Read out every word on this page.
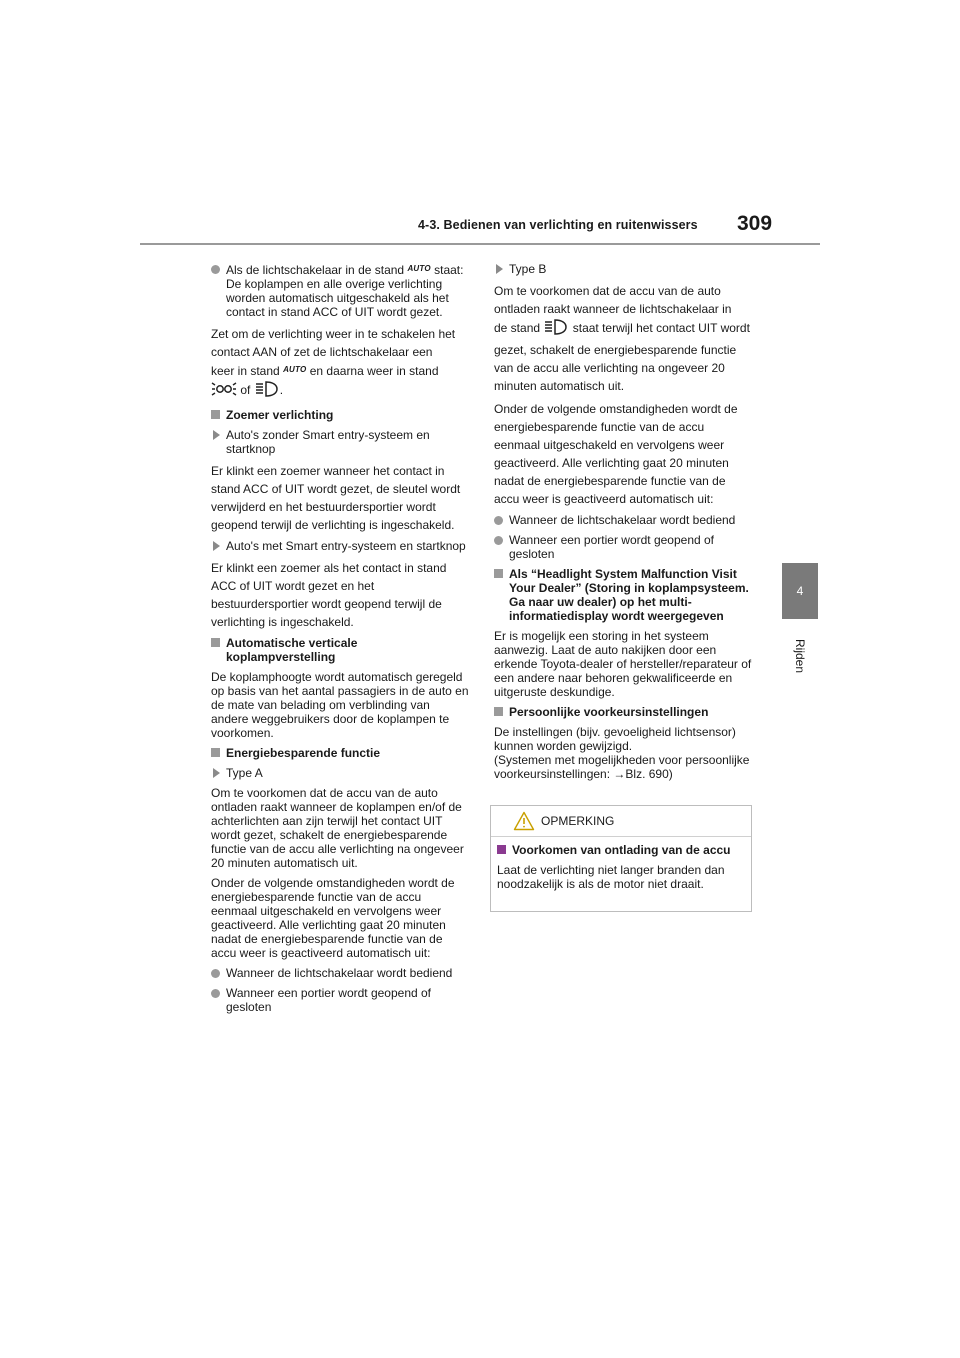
4-3. Bedienen van verlichting en ruitenwissers 309
4
Rijden
Als de lichtschakelaar in de stand AUTO staat: De koplampen en alle overige verlichting worden automatisch uitgeschakeld als het contact in stand ACC of UIT wordt gezet.
Zet om de verlichting weer in te schakelen het contact AAN of zet de lichtschakelaar een
keer in stand AUTO en daarna weer in stand
of .
Zoemer verlichting
Auto's zonder Smart entry-systeem en startknop
Er klinkt een zoemer wanneer het contact in stand ACC of UIT wordt gezet, de sleutel wordt verwijderd en het bestuurdersportier wordt geopend terwijl de verlichting is ingeschakeld.
Auto's met Smart entry-systeem en startknop
Er klinkt een zoemer als het contact in stand ACC of UIT wordt gezet en het bestuurdersportier wordt geopend terwijl de verlichting is ingeschakeld.
Automatische verticale koplampverstelling
De koplamphoogte wordt automatisch geregeld op basis van het aantal passagiers in de auto en de mate van belading om verblinding van andere weggebruikers door de koplampen te voorkomen.
Energiebesparende functie
Type A
Om te voorkomen dat de accu van de auto ontladen raakt wanneer de koplampen en/of de achterlichten aan zijn terwijl het contact UIT wordt gezet, schakelt de energiebesparende functie van de accu alle verlichting na ongeveer 20 minuten automatisch uit.
Onder de volgende omstandigheden wordt de energiebesparende functie van de accu eenmaal uitgeschakeld en vervolgens weer geactiveerd. Alle verlichting gaat 20 minuten nadat de energiebesparende functie van de accu weer is geactiveerd automatisch uit:
Wanneer de lichtschakelaar wordt bediend
Wanneer een portier wordt geopend of gesloten
Type B
Om te voorkomen dat de accu van de auto ontladen raakt wanneer de lichtschakelaar in
de stand	staat terwijl het contact UIT wordt gezet, schakelt de energiebesparende functie van de accu alle verlichting na ongeveer 20 minuten automatisch uit.
Onder de volgende omstandigheden wordt de energiebesparende functie van de accu eenmaal uitgeschakeld en vervolgens weer geactiveerd. Alle verlichting gaat 20 minuten nadat de energiebesparende functie van de accu weer is geactiveerd automatisch uit:
Wanneer de lichtschakelaar wordt bediend
Wanneer een portier wordt geopend of gesloten
Als “Headlight System Malfunction Visit Your Dealer” (Storing in koplampsysteem. Ga naar uw dealer) op het multi-informatiedisplay wordt weergegeven
Er is mogelijk een storing in het systeem aanwezig. Laat de auto nakijken door een erkende Toyota-dealer of hersteller/reparateur of een andere naar behoren gekwalificeerde en uitgeruste deskundige.
Persoonlijke voorkeursinstellingen
De instellingen (bijv. gevoeligheid lichtsensor) kunnen worden gewijzigd.
(Systemen met mogelijkheden voor persoonlijke voorkeursinstellingen: →Blz. 690)
OPMERKING
Voorkomen van ontlading van de accu
Laat de verlichting niet langer branden dan noodzakelijk is als de motor niet draait.
